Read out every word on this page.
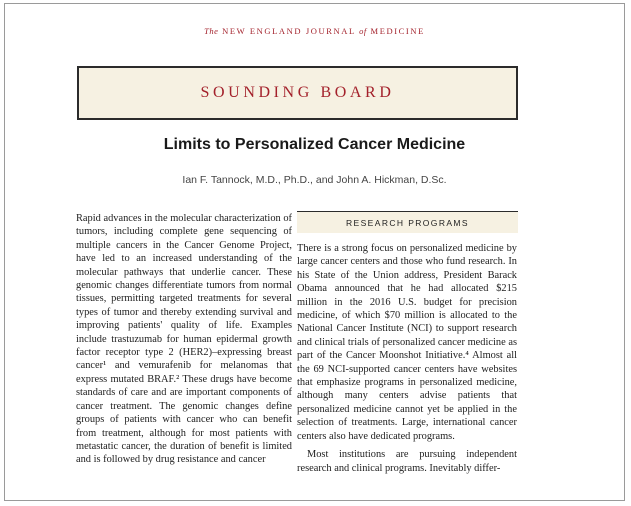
The NEW ENGLAND JOURNAL of MEDICINE
SOUNDING BOARD
Limits to Personalized Cancer Medicine
Ian F. Tannock, M.D., Ph.D., and John A. Hickman, D.Sc.

Rapid advances in the molecular characterization of tumors, including complete gene sequencing of multiple cancers in the Cancer Genome Project, have led to an increased understanding of the molecular pathways that underlie cancer. These genomic changes differentiate tumors from normal tissues, permitting targeted treatments for several types of tumor and thereby extending survival and improving patients' quality of life. Examples include trastuzumab for human epidermal growth factor receptor type 2 (HER2)–expressing breast cancer¹ and vemurafenib for melanomas that express mutated BRAF.² These drugs have become standards of care and are important components of cancer treatment. The genomic changes define groups of patients with cancer who can benefit from treatment, although for most patients with metastatic cancer, the duration of benefit is limited and is followed by drug resistance and cancer

RESEARCH PROGRAMS

There is a strong focus on personalized medicine by large cancer centers and those who fund research. In his State of the Union address, President Barack Obama announced that he had allocated $215 million in the 2016 U.S. budget for precision medicine, of which $70 million is allocated to the National Cancer Institute (NCI) to support research and clinical trials of personalized cancer medicine as part of the Cancer Moonshot Initiative.⁴ Almost all the 69 NCI-supported cancer centers have websites that emphasize programs in personalized medicine, although many centers advise patients that personalized medicine cannot yet be applied in the selection of treatments. Large, international cancer centers also have dedicated programs.

Most institutions are pursuing independent research and clinical programs. Inevitably differ-
